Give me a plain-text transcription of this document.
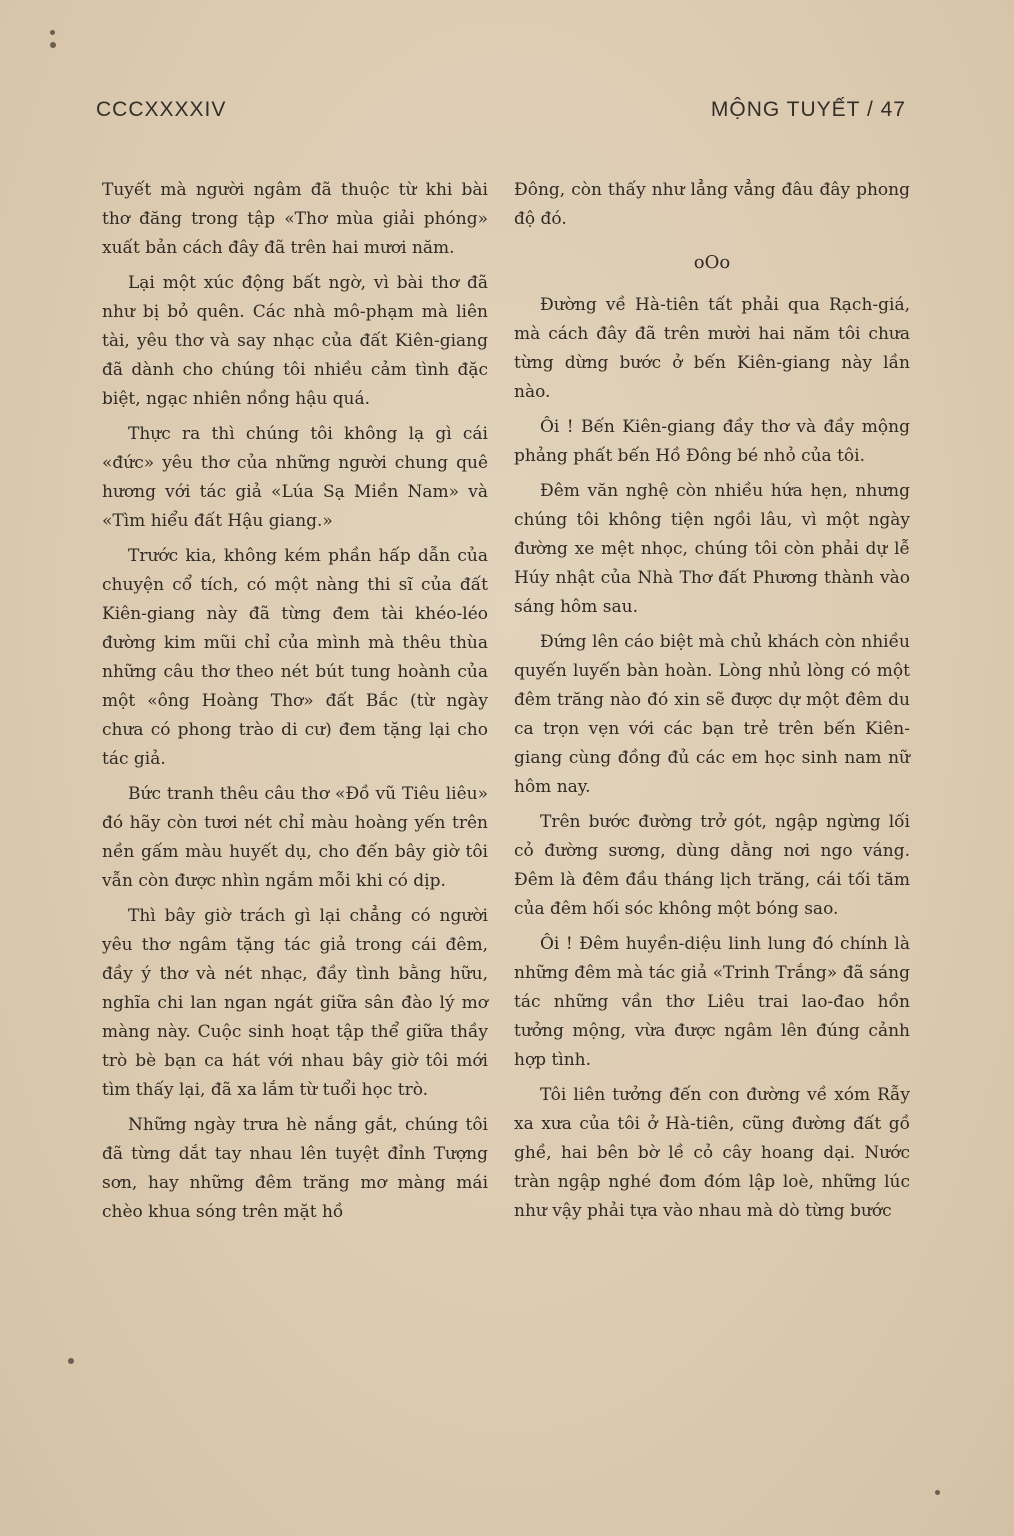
CCCXXXXIV	MỘNG TUYẾT / 47

Tuyết mà người ngâm đã thuộc từ khi bài thơ đăng trong tập «Thơ mùa giải phóng» xuất bản cách đây đã trên hai mươi năm.

Lại một xúc động bất ngờ, vì bài thơ đã như bị bỏ quên. Các nhà mô-phạm mà liên tài, yêu thơ và say nhạc của đất Kiên-giang đã dành cho chúng tôi nhiều cảm tình đặc biệt, ngạc nhiên nồng hậu quá.

Thực ra thì chúng tôi không lạ gì cái «đức» yêu thơ của những người chung quê hương với tác giả «Lúa Sạ Miền Nam» và «Tìm hiểu đất Hậu giang.»

Trước kia, không kém phần hấp dẫn của chuyện cổ tích, có một nàng thi sĩ của đất Kiên-giang này đã từng đem tài khéo-léo đường kim mũi chỉ của mình mà thêu thùa những câu thơ theo nét bút tung hoành của một «ông Hoàng Thơ» đất Bắc (từ ngày chưa có phong trào di cư) đem tặng lại cho tác giả.

Bức tranh thêu câu thơ «Đồ vũ Tiêu liêu» đó hãy còn tươi nét chỉ màu hoàng yến trên nền gấm màu huyết dụ, cho đến bây giờ tôi vẫn còn được nhìn ngắm mỗi khi có dịp.

Thì bây giờ trách gì lại chẳng có người yêu thơ ngâm tặng tác giả trong cái đêm, đầy ý thơ và nét nhạc, đầy tình bằng hữu, nghĩa chi lan ngan ngát giữa sân đào lý mơ màng này. Cuộc sinh hoạt tập thể giữa thầy trò bè bạn ca hát với nhau bây giờ tôi mới tìm thấy lại, đã xa lắm từ tuổi học trò.

Những ngày trưa hè nắng gắt, chúng tôi đã từng dắt tay nhau lên tuyệt đỉnh Tượng sơn, hay những đêm trăng mơ màng mái chèo khua sóng trên mặt hồ

Đông, còn thấy như lẳng vẳng đâu đây phong độ đó.

oOo

Đường về Hà-tiên tất phải qua Rạch-giá, mà cách đây đã trên mười hai năm tôi chưa từng dừng bước ở bến Kiên-giang này lần nào.

Ôi ! Bến Kiên-giang đầy thơ và đầy mộng phảng phất bến Hồ Đông bé nhỏ của tôi.

Đêm văn nghệ còn nhiều hứa hẹn, nhưng chúng tôi không tiện ngồi lâu, vì một ngày đường xe mệt nhọc, chúng tôi còn phải dự lễ Húy nhật của Nhà Thơ đất Phương thành vào sáng hôm sau.

Đứng lên cáo biệt mà chủ khách còn nhiều quyến luyến bàn hoàn. Lòng nhủ lòng có một đêm trăng nào đó xin sẽ được dự một đêm du ca trọn vẹn với các bạn trẻ trên bến Kiên-giang cùng đồng đủ các em học sinh nam nữ hôm nay.

Trên bước đường trở gót, ngập ngừng lối cỏ đường sương, dùng dằng nơi ngo váng. Đêm là đêm đầu tháng lịch trăng, cái tối tăm của đêm hối sóc không một bóng sao.

Ôi ! Đêm huyền-diệu linh lung đó chính là những đêm mà tác giả «Trinh Trắng» đã sáng tác những vần thơ Liêu trai lao-đao hồn tưởng mộng, vừa được ngâm lên đúng cảnh hợp tình.

Tôi liên tưởng đến con đường về xóm Rẫy xa xưa của tôi ở Hà-tiên, cũng đường đất gồ ghề, hai bên bờ lề cỏ cây hoang dại. Nước tràn ngập nghé đom đóm lập loè, những lúc như vậy phải tựa vào nhau mà dò từng bước
